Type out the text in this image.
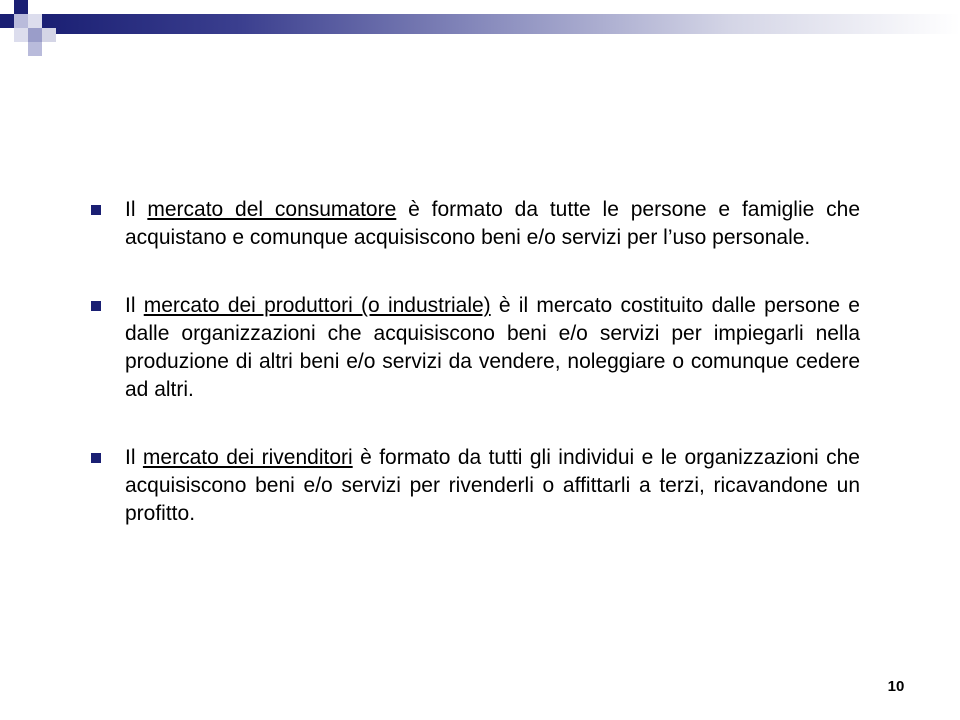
Il mercato del consumatore è formato da tutte le persone e famiglie che acquistano e comunque acquisiscono beni e/o servizi per l’uso personale.

Il mercato dei produttori (o industriale) è il mercato costituito dalle persone e dalle organizzazioni che acquisiscono beni e/o servizi per impiegarli nella produzione di altri beni e/o servizi da vendere, noleggiare o comunque cedere ad altri.

Il mercato dei rivenditori è formato da tutti gli individui e le organizzazioni che acquisiscono beni e/o servizi per rivenderli o affittarli a terzi, ricavandone un profitto.

10
